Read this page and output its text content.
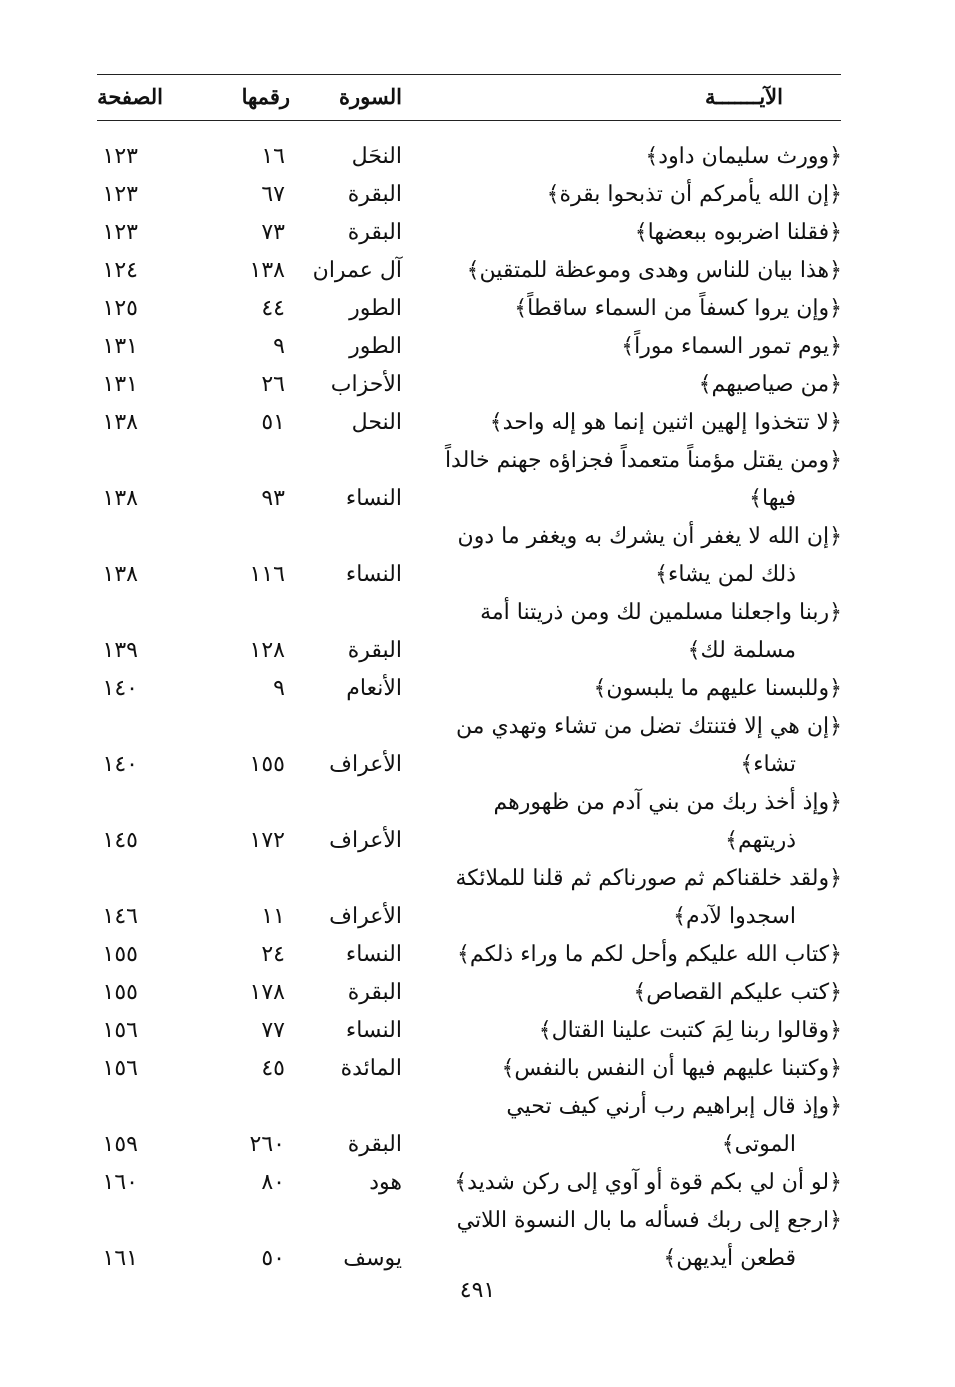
الآيـــــــة
السورة
رقمها
الصفحة
﴿وورث سليمان داود﴾
النحَل
١٦
١٢٣
﴿إن الله يأمركم أن تذبحوا بقرة﴾
البقرة
٦٧
١٢٣
﴿فقلنا اضربوه ببعضها﴾
البقرة
٧٣
١٢٣
﴿هذا بيان للناس وهدى وموعظة للمتقين﴾
آل عمران
١٣٨
١٢٤
﴿وإن يروا كسفاً من السماء ساقطاً﴾
الطور
٤٤
١٢٥
﴿يوم تمور السماء موراً﴾
الطور
٩
١٣١
﴿من صياصيهم﴾
الأحزاب
٢٦
١٣١
﴿لا تتخذوا إلهين اثنين إنما هو إله واحد﴾
النحل
٥١
١٣٨
﴿ومن يقتل مؤمناً متعمداً فجزاؤه جهنم خالداً
فيها﴾
النساء
٩٣
١٣٨
﴿إن الله لا يغفر أن يشرك به ويغفر ما دون
ذلك لمن يشاء﴾
النساء
١١٦
١٣٨
﴿ربنا واجعلنا مسلمين لك ومن ذريتنا أمة
مسلمة لك﴾
البقرة
١٢٨
١٣٩
﴿وللبسنا عليهم ما يلبسون﴾
الأنعام
٩
١٤٠
﴿إن هي إلا فتنتك تضل من تشاء وتهدي من
تشاء﴾
الأعراف
١٥٥
١٤٠
﴿وإذ أخذ ربك من بني آدم من ظهورهم
ذريتهم﴾
الأعراف
١٧٢
١٤٥
﴿ولقد خلقناكم ثم صورناكم ثم قلنا للملائكة
اسجدوا لآدم﴾
الأعراف
١١
١٤٦
﴿كتاب الله عليكم وأحل لكم ما وراء ذلكم﴾
النساء
٢٤
١٥٥
﴿كتب عليكم القصاص﴾
البقرة
١٧٨
١٥٥
﴿وقالوا ربنا لِمَ كتبت علينا القتال﴾
النساء
٧٧
١٥٦
﴿وكتبنا عليهم فيها أن النفس بالنفس﴾
المائدة
٤٥
١٥٦
﴿وإذ قال إبراهيم رب أرني كيف تحيي
الموتى﴾
البقرة
٢٦٠
١٥٩
﴿لو أن لي بكم قوة أو آوي إلى ركن شديد﴾
هود
٨٠
١٦٠
﴿ارجع إلى ربك فسأله ما بال النسوة اللاتي
قطعن أيديهن﴾
يوسف
٥٠
١٦١
٤٩١
